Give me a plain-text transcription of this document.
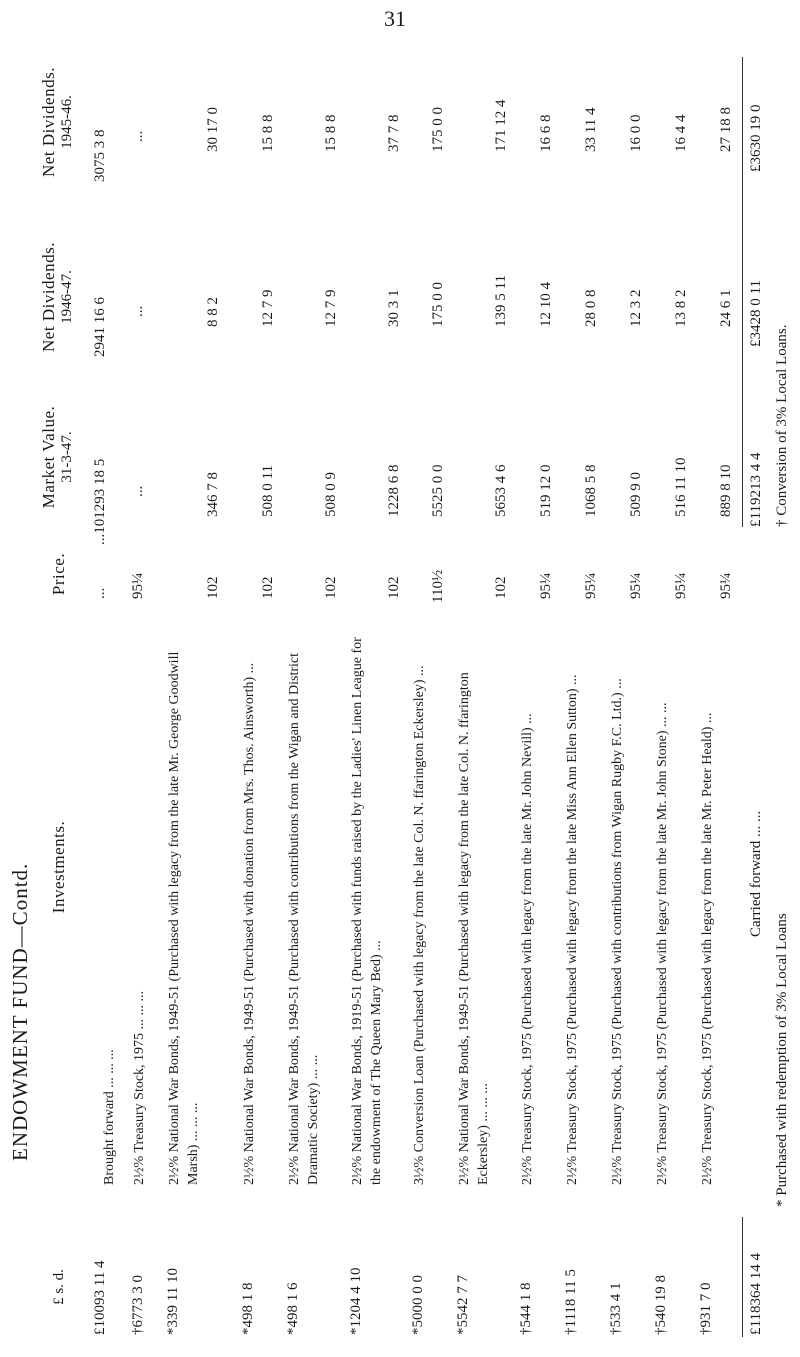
31
ENDOWMENT FUND—Contd.
£ s. d.
Investments.
Price.
Market Value. 31-3-47.
Net Dividends. 1946-47.
Net Dividends. 1945-46.
£10093 11 4
Brought forward ... ... ...
...
...101293 18 5
2941 16 6
3075 3 8
†6773 3 0
2½% Treasury Stock, 1975 ... ... ...
95¼
...
...
...
*339 11 10
2½% National War Bonds, 1949-51 (Purchased with legacy from the late Mr. George Goodwill Marsh) ... ... ...
102
346 7 8
8 8 2
30 17 0
*498 1 8
2½% National War Bonds, 1949-51 (Purchased with donation from Mrs. Thos. Ainsworth) ...
102
508 0 11
12 7 9
15 8 8
*498 1 6
2½% National War Bonds, 1949-51 (Purchased with contributions from the Wigan and District Dramatic Society) ... ...
102
508 0 9
12 7 9
15 8 8
*1204 4 10
2½% National War Bonds, 1919-51 (Purchased with funds raised by the Ladies' Linen League for the endowment of The Queen Mary Bed) ...
102
1228 6 8
30 3 1
37 7 8
*5000 0 0
3½% Conversion Loan (Purchased with legacy from the late Col. N. ffarington Eckersley) ...
110½
5525 0 0
175 0 0
175 0 0
*5542 7 7
2½% National War Bonds, 1949-51 (Purchased with legacy from the late Col. N. ffarington Eckersley) ... ... ...
102
5653 4 6
139 5 11
171 12 4
†544 1 8
2½% Treasury Stock, 1975 (Purchased with legacy from the late Mr. John Nevill) ...
95¼
519 12 0
12 10 4
16 6 8
†1118 11 5
2½% Treasury Stock, 1975 (Purchased with legacy from the late Miss Ann Ellen Sutton) ...
95¼
1068 5 8
28 0 8
33 11 4
†533 4 1
2½% Treasury Stock, 1975 (Purchased with contributions from Wigan Rugby F.C. Ltd.) ...
95¼
509 9 0
12 3 2
16 0 0
†540 19 8
2½% Treasury Stock, 1975 (Purchased with legacy from the late Mr. John Stone) ... ...
95¼
516 11 10
13 8 2
16 4 4
†931 7 0
2½% Treasury Stock, 1975 (Purchased with legacy from the late Mr. Peter Heald) ...
95¼
889 8 10
24 6 1
27 18 8
£118364 14 4
Carried forward ... ...
£119213 4 4
£3428 0 11
£3630 19 0
* Purchased with redemption of 3% Local Loans
† Conversion of 3% Local Loans.
